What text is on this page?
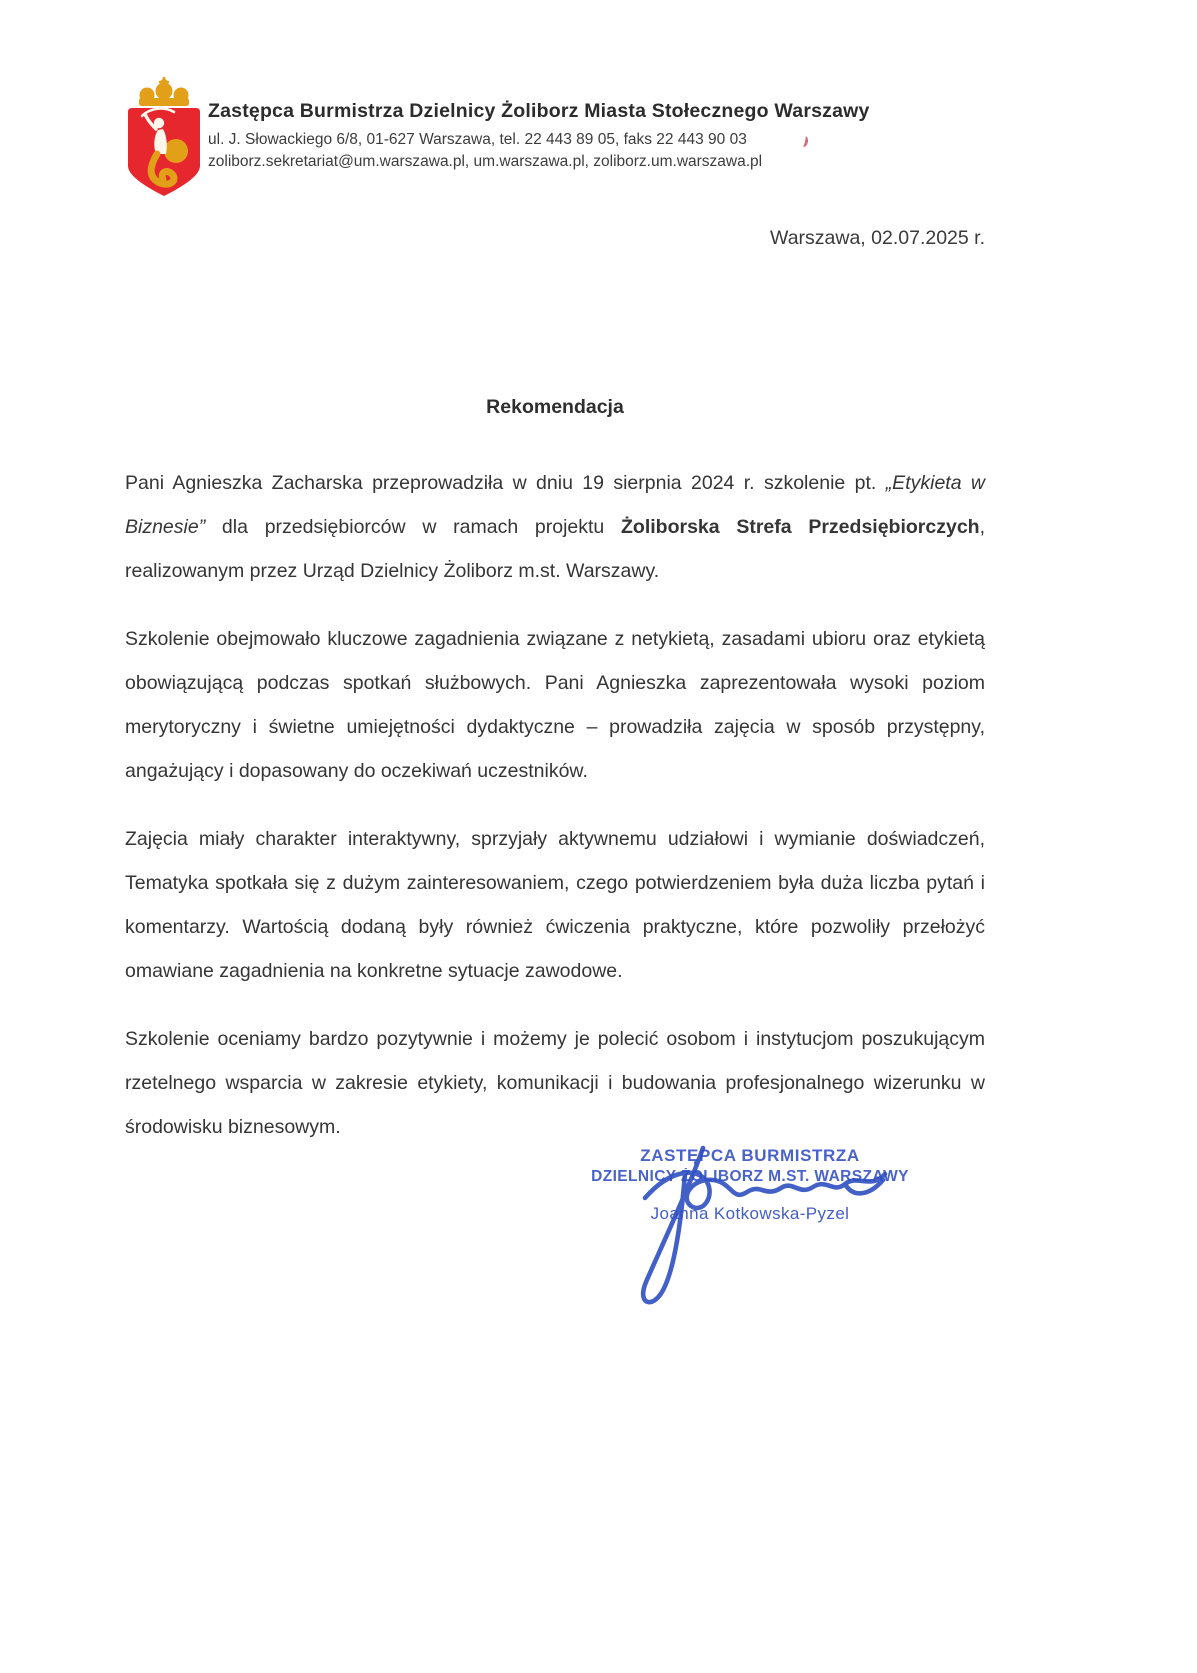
Zastępca Burmistrza Dzielnicy Żoliborz Miasta Stołecznego Warszawy

ul. J. Słowackiego 6/8, 01-627 Warszawa, tel. 22 443 89 05, faks 22 443 90 03

zoliborz.sekretariat@um.warszawa.pl, um.warszawa.pl, zoliborz.um.warszawa.pl

Warszawa, 02.07.2025 r.

Rekomendacja

Pani Agnieszka Zacharska przeprowadziła w dniu 19 sierpnia 2024 r. szkolenie pt. „Etykieta w Biznesie” dla przedsiębiorców w ramach projektu Żoliborska Strefa Przedsiębiorczych, realizowanym przez Urząd Dzielnicy Żoliborz m.st. Warszawy.

Szkolenie obejmowało kluczowe zagadnienia związane z netykietą, zasadami ubioru oraz etykietą obowiązującą podczas spotkań służbowych. Pani Agnieszka zaprezentowała wysoki poziom merytoryczny i świetne umiejętności dydaktyczne – prowadziła zajęcia w sposób przystępny, angażujący i dopasowany do oczekiwań uczestników.

Zajęcia miały charakter interaktywny, sprzyjały aktywnemu udziałowi i wymianie doświadczeń, Tematyka spotkała się z dużym zainteresowaniem, czego potwierdzeniem była duża liczba pytań i komentarzy. Wartością dodaną były również ćwiczenia praktyczne, które pozwoliły przełożyć omawiane zagadnienia na konkretne sytuacje zawodowe.

Szkolenie oceniamy bardzo pozytywnie i możemy je polecić osobom i instytucjom poszukującym rzetelnego wsparcia w zakresie etykiety, komunikacji i budowania profesjonalnego wizerunku w środowisku biznesowym.

ZASTĘPCA BURMISTRZA

DZIELNICY ŻOLIBORZ M.ST. WARSZAWY

Joanna Kotkowska-Pyzel
